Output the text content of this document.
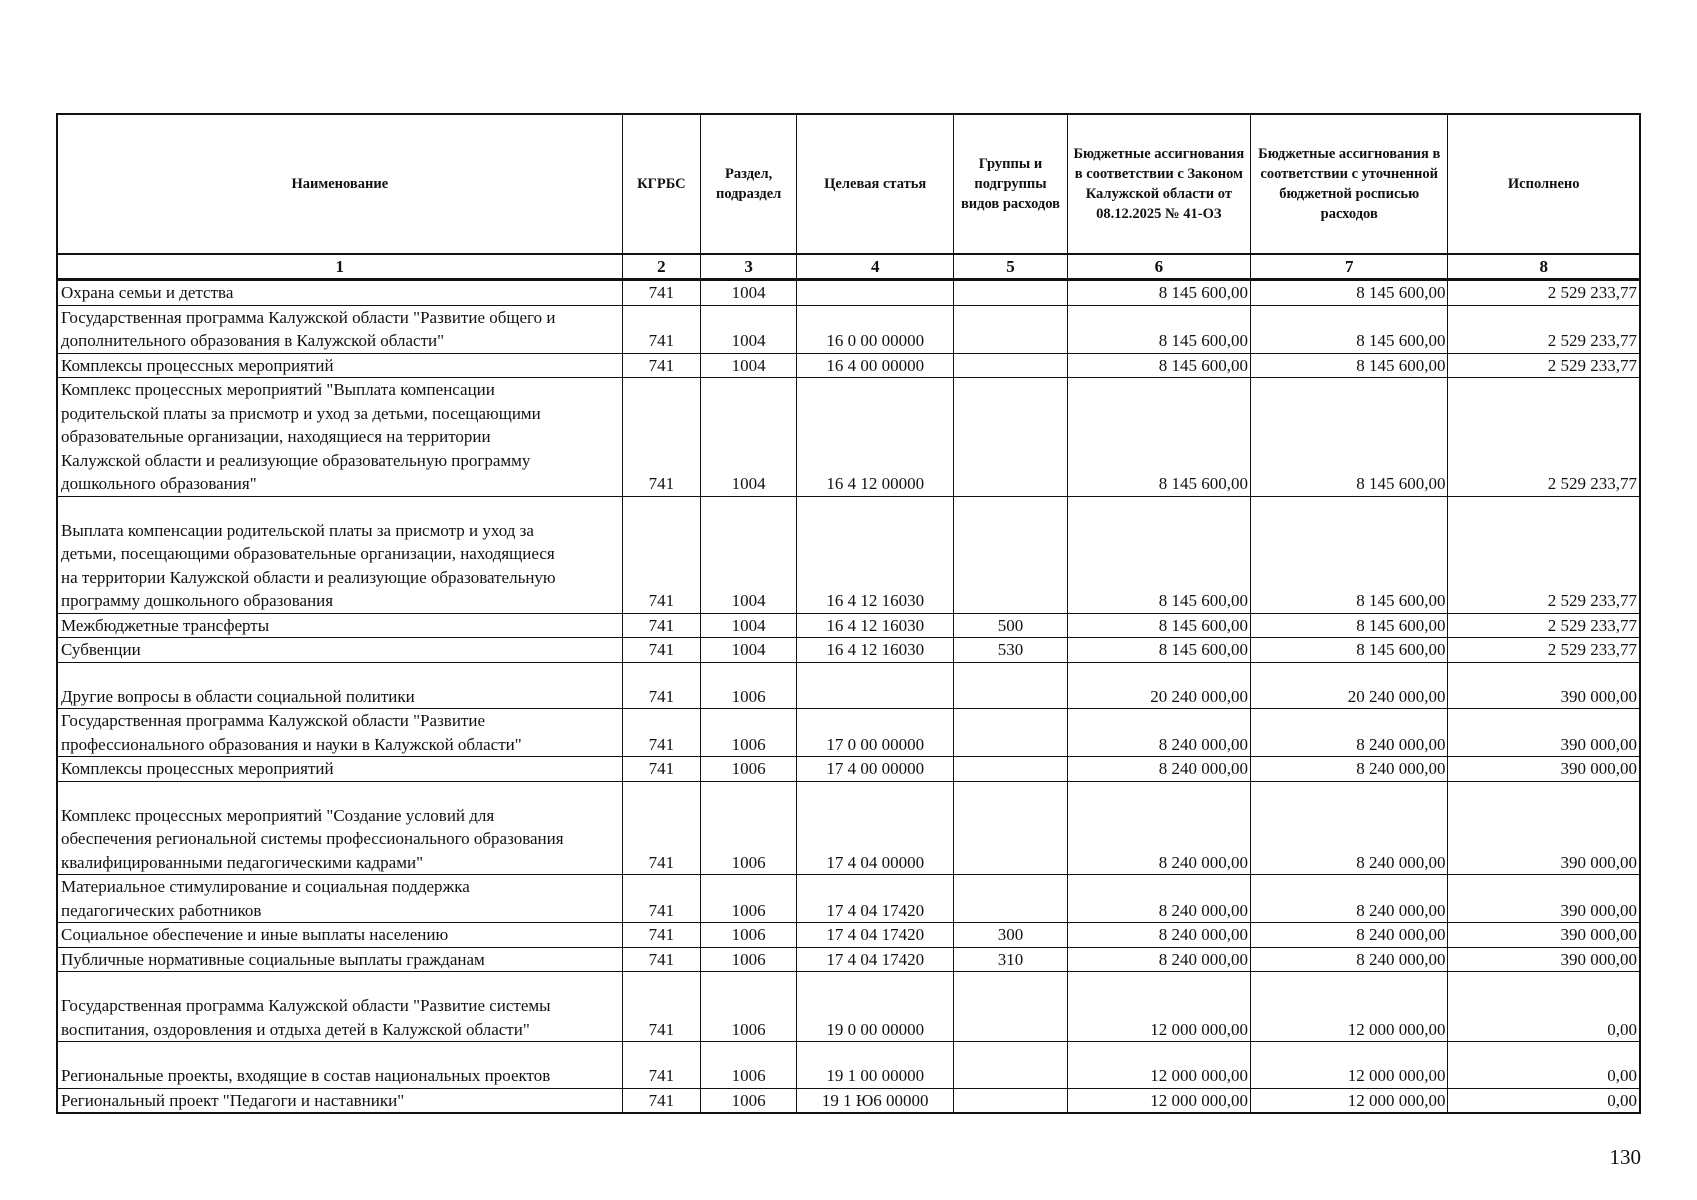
Наименование	КГРБС	Раздел, подраздел	Целевая статья	Группы и подгруппы видов расходов	Бюджетные ассигнования в соответствии с Законом Калужской области от 08.12.2025 № 41-ОЗ	Бюджетные ассигнования в соответствии с уточненной бюджетной росписью расходов	Исполнено
1	2	3	4	5	6	7	8
Охрана семьи и детства	741	1004			8 145 600,00	8 145 600,00	2 529 233,77
Государственная программа Калужской области "Развитие общего и
дополнительного образования в Калужской области"	741	1004	16 0 00 00000		8 145 600,00	8 145 600,00	2 529 233,77
Комплексы процессных мероприятий	741	1004	16 4 00 00000		8 145 600,00	8 145 600,00	2 529 233,77
Комплекс процессных мероприятий "Выплата компенсации
родительской платы за присмотр и уход за детьми, посещающими
образовательные организации, находящиеся на территории
Калужской области и реализующие образовательную программу
дошкольного образования"	741	1004	16 4 12 00000		8 145 600,00	8 145 600,00	2 529 233,77
Выплата компенсации родительской платы за присмотр и уход за
детьми, посещающими образовательные организации, находящиеся
на территории Калужской области и реализующие образовательную
программу дошкольного образования	741	1004	16 4 12 16030		8 145 600,00	8 145 600,00	2 529 233,77
Межбюджетные трансферты	741	1004	16 4 12 16030	500	8 145 600,00	8 145 600,00	2 529 233,77
Субвенции	741	1004	16 4 12 16030	530	8 145 600,00	8 145 600,00	2 529 233,77
Другие вопросы в области социальной политики	741	1006			20 240 000,00	20 240 000,00	390 000,00
Государственная программа Калужской области "Развитие
профессионального образования и науки в Калужской области"	741	1006	17 0 00 00000		8 240 000,00	8 240 000,00	390 000,00
Комплексы процессных мероприятий	741	1006	17 4 00 00000		8 240 000,00	8 240 000,00	390 000,00
Комплекс процессных мероприятий "Создание условий для
обеспечения региональной системы профессионального образования
квалифицированными педагогическими кадрами"	741	1006	17 4 04 00000		8 240 000,00	8 240 000,00	390 000,00
Материальное стимулирование и социальная поддержка
педагогических работников	741	1006	17 4 04 17420		8 240 000,00	8 240 000,00	390 000,00
Социальное обеспечение и иные выплаты населению	741	1006	17 4 04 17420	300	8 240 000,00	8 240 000,00	390 000,00
Публичные нормативные социальные выплаты гражданам	741	1006	17 4 04 17420	310	8 240 000,00	8 240 000,00	390 000,00
Государственная программа Калужской области "Развитие системы
воспитания, оздоровления и отдыха детей в Калужской области"	741	1006	19 0 00 00000		12 000 000,00	12 000 000,00	0,00
Региональные проекты, входящие в состав национальных проектов	741	1006	19 1 00 00000		12 000 000,00	12 000 000,00	0,00
Региональный проект "Педагоги и наставники"	741	1006	19 1 Ю6 00000		12 000 000,00	12 000 000,00	0,00
130
